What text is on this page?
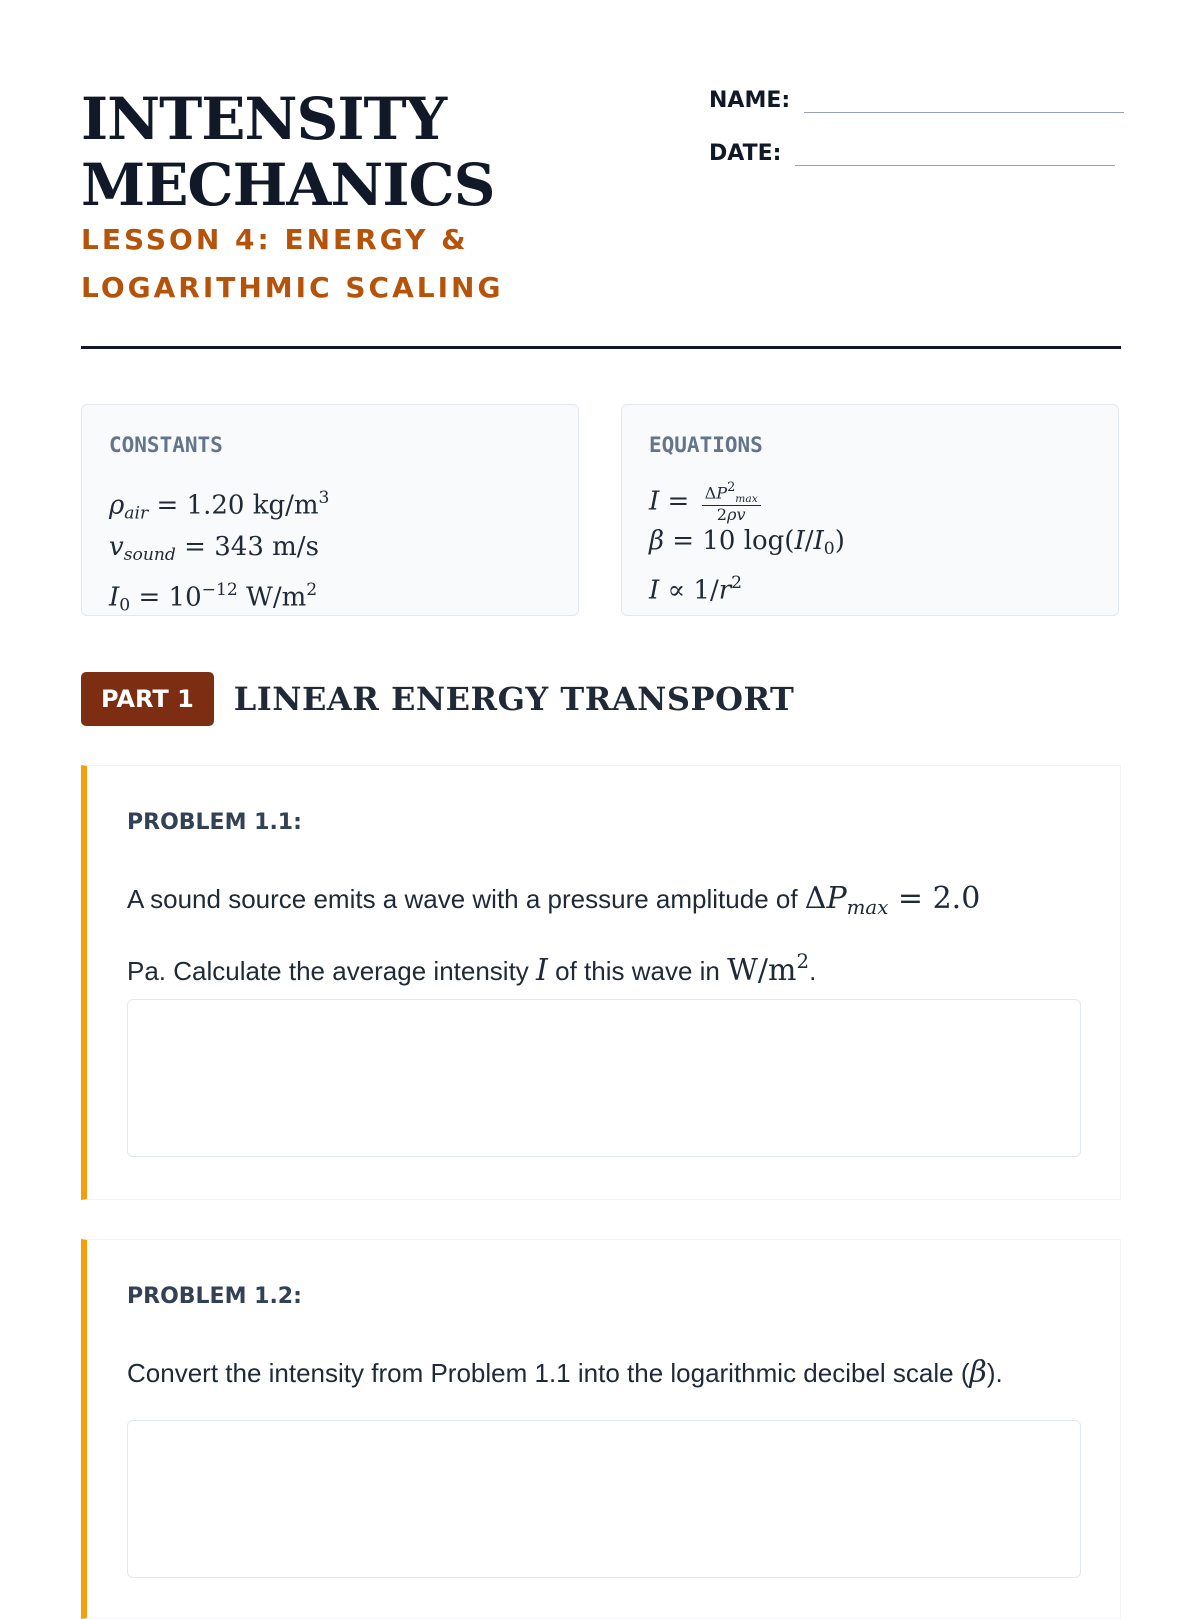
INTENSITY
MECHANICS
LESSON 4: ENERGY & LOGARITHMIC SCALING
NAME:
DATE:
CONSTANTS
$\rho_{air} = 1.20$ $kg/m^3$
$v_{sound} = 343$ m/s
$I_0 = 10^{-12}$ $W/m^2$
EQUATIONS
$I = \frac{\Delta P^2_{max}}{2\rho v}$
β = 10 $\log(I/I_0)$
$I \propto 1/r^2$
PART 1	LINEAR ENERGY TRANSPORT
PROBLEM 1.1:
A sound source emits a wave with a pressure amplitude of $\Delta P_{max} = 2.0$
Pa. Calculate the average intensity I of this wave in $W/m^2$.
PROBLEM 1.2:
Convert the intensity from Problem 1.1 into the logarithmic decibel scale (β).
